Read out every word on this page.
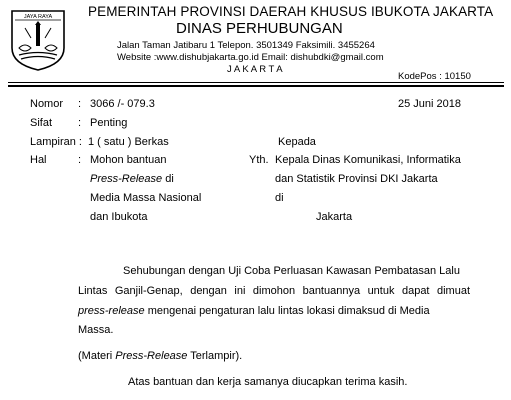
JAYA RAYA	PEMERINTAH PROVINSI DAERAH KHUSUS IBUKOTA JAKARTA
DINAS PERHUBUNGAN
Jalan Taman Jatibaru 1 Telepon. 3501349 Faksimili. 3455264
Website :www.dishubjakarta.go.id Email: dishubdki@gmail.com
J A K A R T A
KodePos : 10150
Nomor : 3066 /- 079.3	25 Juni 2018
Sifat : Penting
Lampiran : 1 ( satu ) Berkas
Hal	: Mohon bantuan
Press-Release di
Media Massa Nasional
dan Ibukota
Kepada
Yth. Kepala Dinas Komunikasi, Informatika
dan Statistik Provinsi DKI Jakarta
di
Jakarta
Sehubungan dengan Uji Coba Perluasan Kawasan Pembatasan Lalu
Lintas Ganjil-Genap, dengan ini dimohon bantuannya untuk dapat dimuat
press-release mengenai pengaturan lalu lintas lokasi dimaksud di Media
Massa.
(Materi Press-Release Terlampir).
Atas bantuan dan kerja samanya diucapkan terima kasih.
